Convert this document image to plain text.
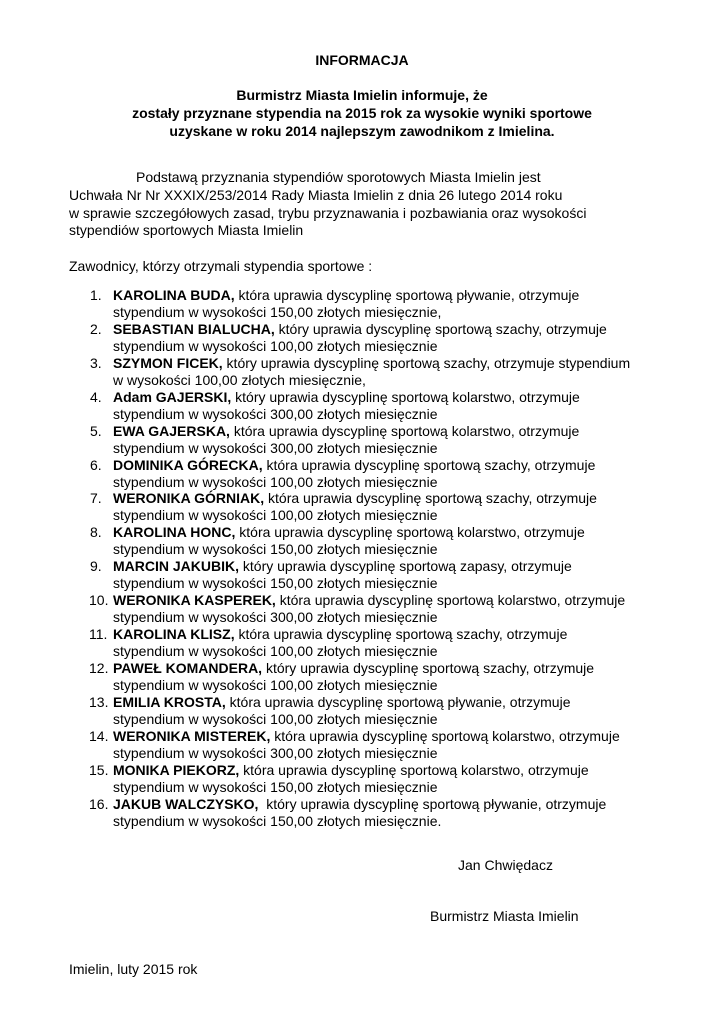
INFORMACJA
Burmistrz Miasta Imielin informuje, że
zostały przyznane stypendia na 2015 rok za wysokie wyniki sportowe
uzyskane w roku 2014 najlepszym zawodnikom z Imielina.
Podstawą przyznania stypendiów sporotowych Miasta Imielin jest
Uchwała Nr Nr XXXIX/253/2014 Rady Miasta Imielin z dnia 26 lutego 2014 roku
w sprawie szczegółowych zasad, trybu przyznawania i pozbawiania oraz wysokości
stypendiów sportowych Miasta Imielin
Zawodnicy, którzy otrzymali stypendia sportowe :
1. KAROLINA BUDA, która uprawia dyscyplinę sportową pływanie, otrzymuje
stypendium w wysokości 150,00 złotych miesięcznie,
2. SEBASTIAN BIALUCHA, który uprawia dyscyplinę sportową szachy, otrzymuje
stypendium w wysokości 100,00 złotych miesięcznie
3. SZYMON FICEK, który uprawia dyscyplinę sportową szachy, otrzymuje stypendium
w wysokości 100,00 złotych miesięcznie,
4. Adam GAJERSKI, który uprawia dyscyplinę sportową kolarstwo, otrzymuje
stypendium w wysokości 300,00 złotych miesięcznie
5. EWA GAJERSKA, która uprawia dyscyplinę sportową kolarstwo, otrzymuje
stypendium w wysokości 300,00 złotych miesięcznie
6. DOMINIKA GÓRECKA, która uprawia dyscyplinę sportową szachy, otrzymuje
stypendium w wysokości 100,00 złotych miesięcznie
7. WERONIKA GÓRNIAK, która uprawia dyscyplinę sportową szachy, otrzymuje
stypendium w wysokości 100,00 złotych miesięcznie
8. KAROLINA HONC, która uprawia dyscyplinę sportową kolarstwo, otrzymuje
stypendium w wysokości 150,00 złotych miesięcznie
9. MARCIN JAKUBIK, który uprawia dyscyplinę sportową zapasy, otrzymuje
stypendium w wysokości 150,00 złotych miesięcznie
10. WERONIKA KASPEREK, która uprawia dyscyplinę sportową kolarstwo, otrzymuje
stypendium w wysokości 300,00 złotych miesięcznie
11. KAROLINA KLISZ, która uprawia dyscyplinę sportową szachy, otrzymuje
stypendium w wysokości 100,00 złotych miesięcznie
12. PAWEŁ KOMANDERA, który uprawia dyscyplinę sportową szachy, otrzymuje
stypendium w wysokości 100,00 złotych miesięcznie
13. EMILIA KROSTA, która uprawia dyscyplinę sportową pływanie, otrzymuje
stypendium w wysokości 100,00 złotych miesięcznie
14. WERONIKA MISTEREK, która uprawia dyscyplinę sportową kolarstwo, otrzymuje
stypendium w wysokości 300,00 złotych miesięcznie
15. MONIKA PIEKORZ, która uprawia dyscyplinę sportową kolarstwo, otrzymuje
stypendium w wysokości 150,00 złotych miesięcznie
16. JAKUB WALCZYSKO,  który uprawia dyscyplinę sportową pływanie, otrzymuje
stypendium w wysokości 150,00 złotych miesięcznie.
Jan Chwiędacz
Burmistrz Miasta Imielin
Imielin, luty 2015 rok
